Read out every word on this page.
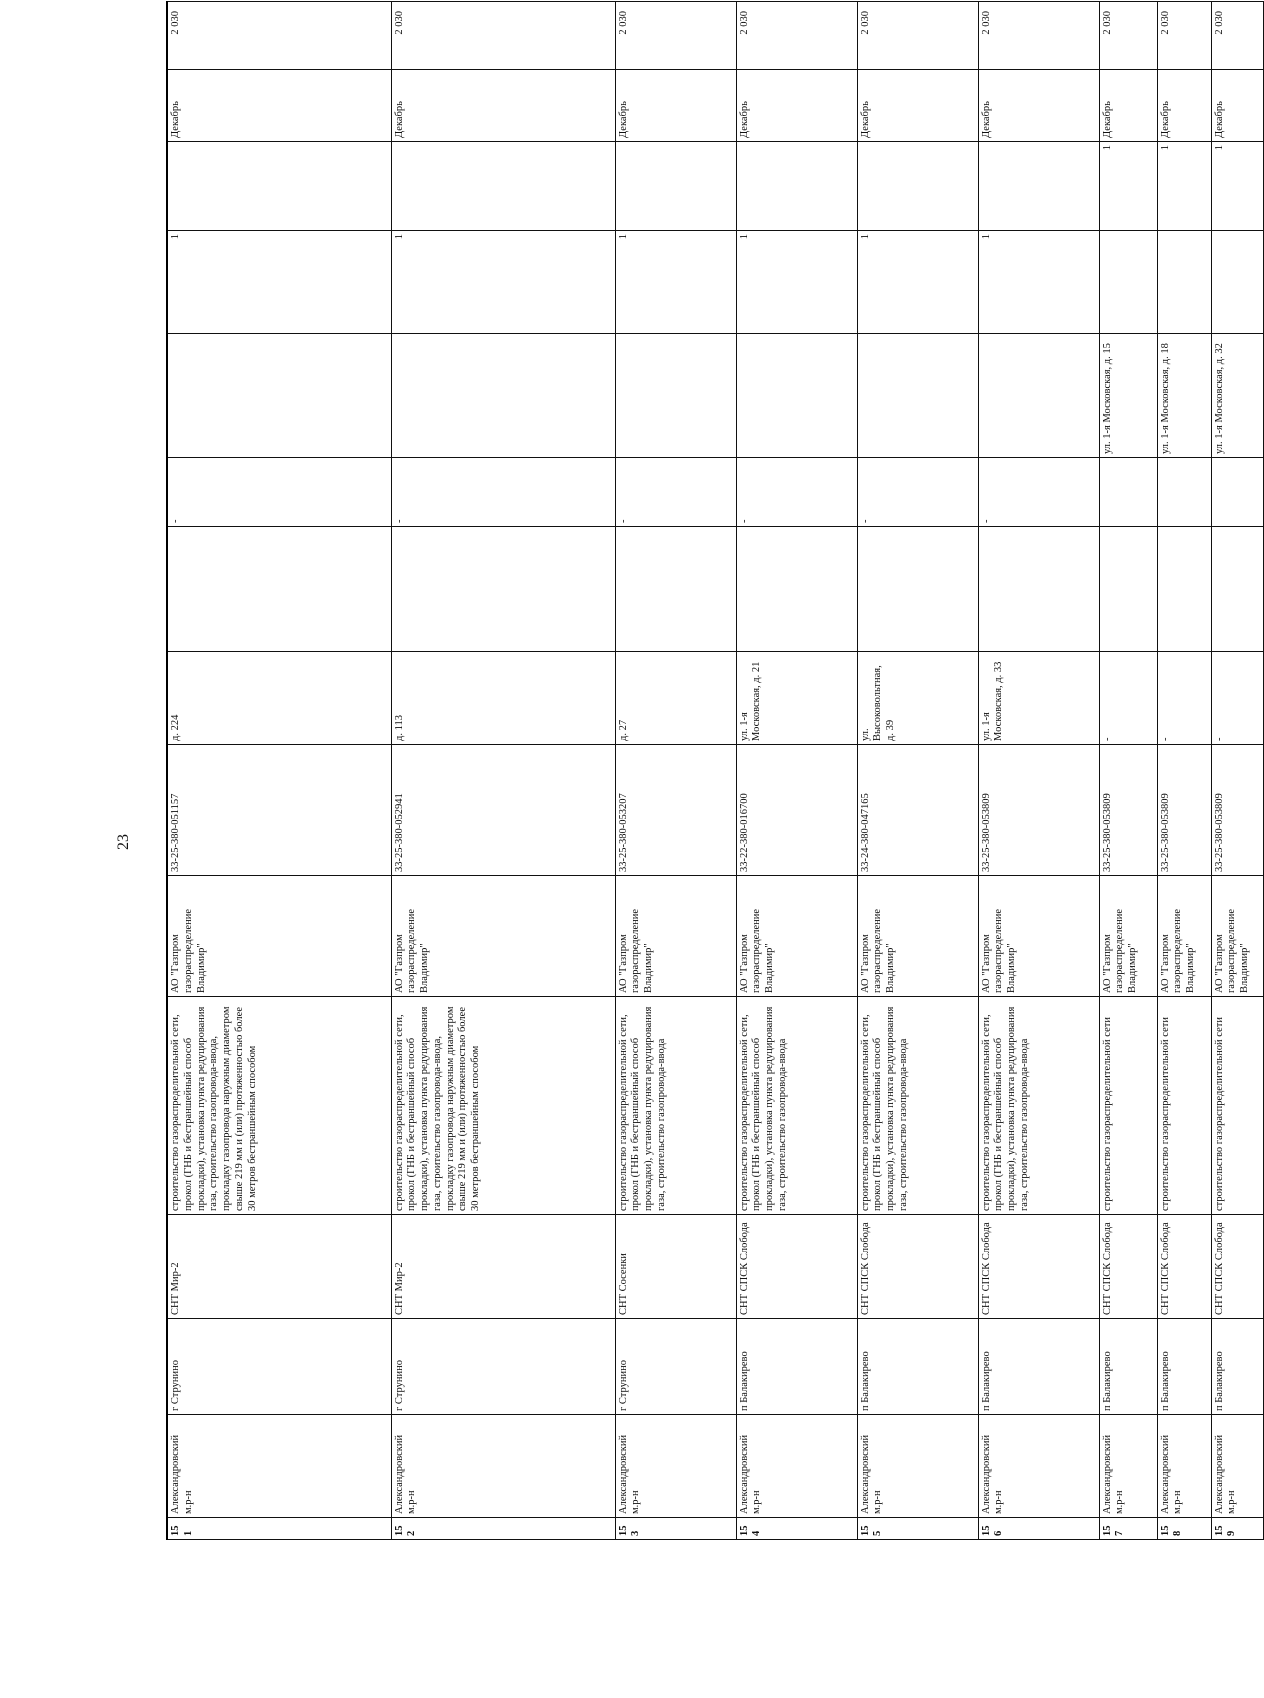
23
151	Александровский м.р-н	г Струнино	СНТ Мир-2	строительство газораспределительной сети, прокол (ГНБ и бестраншейный способ прокладки), установка пункта редуцирования газа, строительство газопровода-ввода, прокладку газопровода наружным диаметром свыше 219 мм и (или) протяженностью более 30 метров бестраншейным способом	АО "Газпром газораспределение Владимир"	33-25-380-051157	д. 224		-		1		Декабрь	2 030
152	Александровский м.р-н	г Струнино	СНТ Мир-2	строительство газораспределительной сети, прокол (ГНБ и бестраншейный способ прокладки), установка пункта редуцирования газа, строительство газопровода-ввода, прокладку газопровода наружным диаметром свыше 219 мм и (или) протяженностью более 30 метров бестраншейным способом	АО "Газпром газораспределение Владимир"	33-25-380-052941	д. 113		-		1		Декабрь	2 030
153	Александровский м.р-н	г Струнино	СНТ Сосенки	строительство газораспределительной сети, прокол (ГНБ и бестраншейный способ прокладки), установка пункта редуцирования газа, строительство газопровода-ввода	АО "Газпром газораспределение Владимир"	33-25-380-053207	д. 27		-		1		Декабрь	2 030
154	Александровский м.р-н	п Балакирево	СНТ СПСК Слобода	строительство газораспределительной сети, прокол (ГНБ и бестраншейный способ прокладки), установка пункта редуцирования газа, строительство газопровода-ввода	АО "Газпром газораспределение Владимир"	33-22-380-016700	ул. 1-я Московская, д. 21		-		1		Декабрь	2 030
155	Александровский м.р-н	п Балакирево	СНТ СПСК Слобода	строительство газораспределительной сети, прокол (ГНБ и бестраншейный способ прокладки), установка пункта редуцирования газа, строительство газопровода-ввода	АО "Газпром газораспределение Владимир"	33-24-380-047165	ул. Высоковольтная, д. 39		-		1		Декабрь	2 030
156	Александровский м.р-н	п Балакирево	СНТ СПСК Слобода	строительство газораспределительной сети, прокол (ГНБ и бестраншейный способ прокладки), установка пункта редуцирования газа, строительство газопровода-ввода	АО "Газпром газораспределение Владимир"	33-25-380-053809	ул. 1-я Московская, д. 33		-		1		Декабрь	2 030
157	Александровский м.р-н	п Балакирево	СНТ СПСК Слобода	строительство газораспределительной сети	АО "Газпром газораспределение Владимир"	33-25-380-053809	-			ул. 1-я Московская, д. 15		1	Декабрь	2 030
158	Александровский м.р-н	п Балакирево	СНТ СПСК Слобода	строительство газораспределительной сети	АО "Газпром газораспределение Владимир"	33-25-380-053809	-			ул. 1-я Московская, д. 18		1	Декабрь	2 030
159	Александровский м.р-н	п Балакирево	СНТ СПСК Слобода	строительство газораспределительной сети	АО "Газпром газораспределение Владимир"	33-25-380-053809	-			ул. 1-я Московская, д. 32		1	Декабрь	2 030
